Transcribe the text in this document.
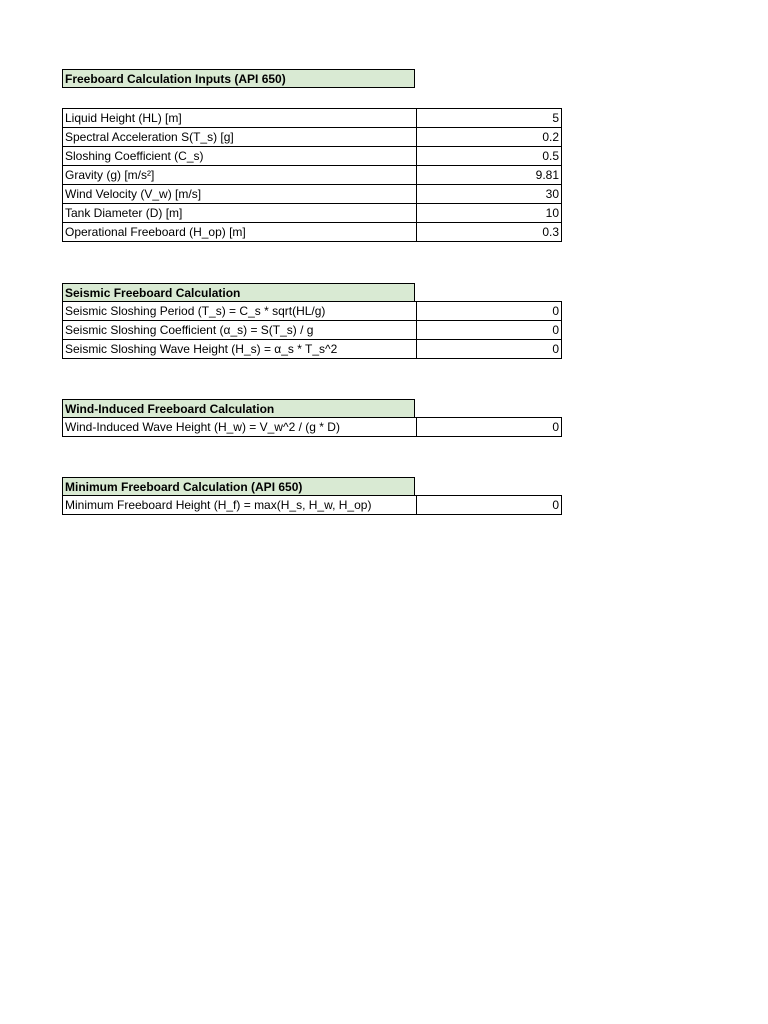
Freeboard Calculation Inputs (API 650)
Liquid Height (HL) [m]	5
Spectral Acceleration S(T_s) [g]	0.2
Sloshing Coefficient (C_s)	0.5
Gravity (g) [m/s²]	9.81
Wind Velocity (V_w) [m/s]	30
Tank Diameter (D) [m]	10
Operational Freeboard (H_op) [m]	0.3
Seismic Freeboard Calculation
Seismic Sloshing Period (T_s) = C_s * sqrt(HL/g)	0
Seismic Sloshing Coefficient (α_s) = S(T_s) / g	0
Seismic Sloshing Wave Height (H_s) = α_s * T_s^2	0
Wind-Induced Freeboard Calculation
Wind-Induced Wave Height (H_w) = V_w^2 / (g * D)	0
Minimum Freeboard Calculation (API 650)
Minimum Freeboard Height (H_f) = max(H_s, H_w, H_op)	0
